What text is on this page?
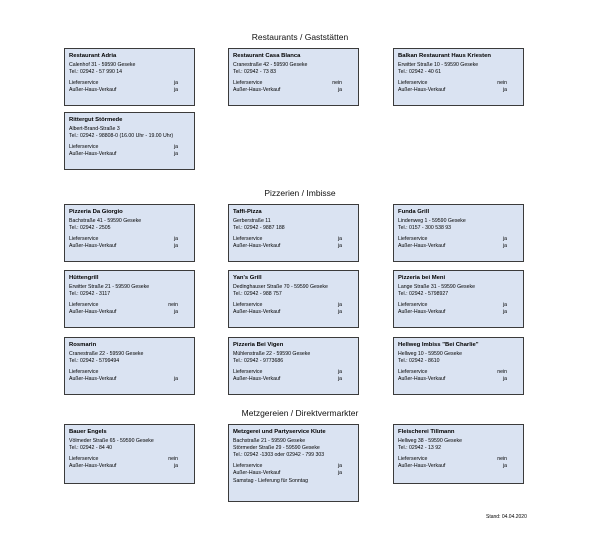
Restaurants / Gaststätten
Pizzerien / Imbisse
Metzgereien / Direktvermarkter
Restaurant Adria
Calenhof 31 - 59590 Geseke
Tel.: 02942 - 57 990 14
Lieferservice	ja
Außer-Haus-Verkauf	ja
Restaurant Casa Blanca
Cranestraße 42 - 59590 Geseke
Tel.: 02942 - 73 83
Lieferservice	nein
Außer-Haus-Verkauf	ja
Balkan Restaurant Haus Kriesten
Erwitter Straße 10 - 59590 Geseke
Tel.: 02942 - 40 61
Lieferservice	nein
Außer-Haus-Verkauf	ja
Rittergut Störmede
Albert-Brand-Straße 3
Tel.: 02942 - 98808-0 (16.00 Uhr - 19.00 Uhr)
Lieferservice	ja
Außer-Haus-Verkauf	ja
Pizzeria Da Giorgio
Bachstraße 41 - 59590 Geseke
Tel.: 02942 - 2505
Lieferservice	ja
Außer-Haus-Verkauf	ja
Taffi-Pizza
Gerberstraße 11
Tel.: 02942 - 9887 188
Lieferservice	ja
Außer-Haus-Verkauf	ja
Funda Grill
Lindenweg 1 - 59590 Geseke
Tel.: 0157 - 300 538 93
Lieferservice	ja
Außer-Haus-Verkauf	ja
Hüttengrill
Erwitter Straße 21 - 59590 Geseke
Tel.: 02942 - 3117
Lieferservice	nein
Außer-Haus-Verkauf	ja
Yan's Grill
Dedinghauser Straße 70 - 59590 Geseke
Tel.: 02942 - 988 757
Lieferservice	ja
Außer-Haus-Verkauf	ja
Pizzeria bei Meni
Lange Straße 31 - 59590 Geseke
Tel.: 02942 - 5798927
Lieferservice	ja
Außer-Haus-Verkauf	ja
Rosmarin
Cranestraße 22 - 59590 Geseke
Tel.: 02942 - 5799494
Lieferservice
Außer-Haus-Verkauf	ja
Pizzeria Bei Vigen
Mühlenstraße 22 - 59590 Geseke
Tel.: 02942 - 9773686
Lieferservice	ja
Außer-Haus-Verkauf	ja
Hellweg Imbiss "Bei Charlie"
Hellweg 10 - 59590 Geseke
Tel.: 02942 - 8610
Lieferservice	nein
Außer-Haus-Verkauf	ja
Bauer Engels
Völmeder Straße 65 - 59590 Geseke
Tel.: 02942 - 84 40
Lieferservice	nein
Außer-Haus-Verkauf	ja
Metzgerei und Partyservice Klute
Bachstraße 21 - 59590 Geseke
Störmeder Straße 29 - 59590 Geseke
Tel.: 02942 -1303 oder 02942 - 799 303
Lieferservice	ja
Außer-Haus-Verkauf	ja
Samstag - Lieferung für Sonntag
Fleischerei Tillmann
Hellweg 38 - 59590 Geseke
Tel.: 02942 - 13 92
Lieferservice	nein
Außer-Haus-Verkauf	ja
Stand: 04.04.2020
